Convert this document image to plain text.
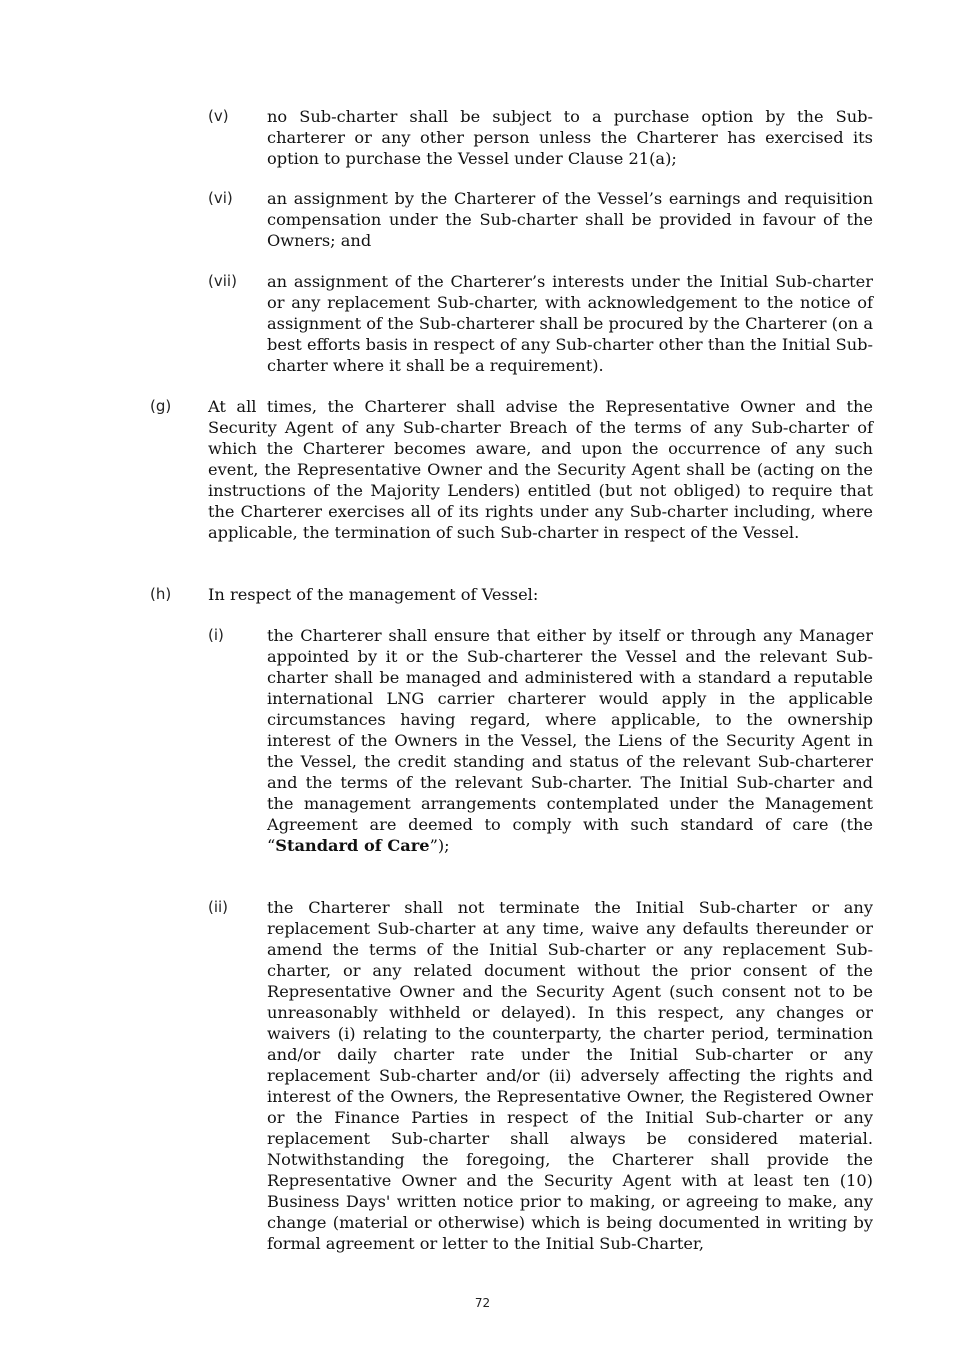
(v) no Sub-charter shall be subject to a purchase option by the Sub-charterer or any other person unless the Charterer has exercised its option to purchase the Vessel under Clause 21(a);
(vi) an assignment by the Charterer of the Vessel’s earnings and requisition compensation under the Sub-charter shall be provided in favour of the Owners; and
(vii) an assignment of the Charterer’s interests under the Initial Sub-charter or any replacement Sub-charter, with acknowledgement to the notice of assignment of the Sub-charterer shall be procured by the Charterer (on a best efforts basis in respect of any Sub-charter other than the Initial Sub-charter where it shall be a requirement).
(g) At all times, the Charterer shall advise the Representative Owner and the Security Agent of any Sub-charter Breach of the terms of any Sub-charter of which the Charterer becomes aware, and upon the occurrence of any such event, the Representative Owner and the Security Agent shall be (acting on the instructions of the Majority Lenders) entitled (but not obliged) to require that the Charterer exercises all of its rights under any Sub-charter including, where applicable, the termination of such Sub-charter in respect of the Vessel.
(h) In respect of the management of Vessel:
(i)	the Charterer shall ensure that either by itself or through any Manager appointed by it or the Sub-charterer the Vessel and the relevant Sub-charter shall be managed and administered with a standard a reputable international LNG carrier charterer would apply in the applicable circumstances having regard, where applicable, to the ownership interest of the Owners in the Vessel, the Liens of the Security Agent in the Vessel, the credit standing and status of the relevant Sub-charterer and the terms of the relevant Sub-charter. The Initial Sub-charter and the management arrangements contemplated under the Management Agreement are deemed to comply with such standard of care (the “Standard of Care”);
(ii) the Charterer shall not terminate the Initial Sub-charter or any replacement Sub-charter at any time, waive any defaults thereunder or amend the terms of the Initial Sub-charter or any replacement Sub-charter, or any related document without the prior consent of the Representative Owner and the Security Agent (such consent not to be unreasonably withheld or delayed). In this respect, any changes or waivers (i) relating to the counterparty, the charter period, termination and/or daily charter rate under the Initial Sub-charter or any replacement Sub-charter and/or (ii) adversely affecting the rights and interest of the Owners, the Representative Owner, the Registered Owner or the Finance Parties in respect of the Initial Sub-charter or any replacement Sub-charter shall always be considered material. Notwithstanding the foregoing, the Charterer shall provide the Representative Owner and the Security Agent with at least ten (10) Business Days' written notice prior to making, or agreeing to make, any change (material or otherwise) which is being documented in writing by formal agreement or letter to the Initial Sub-Charter,
72
